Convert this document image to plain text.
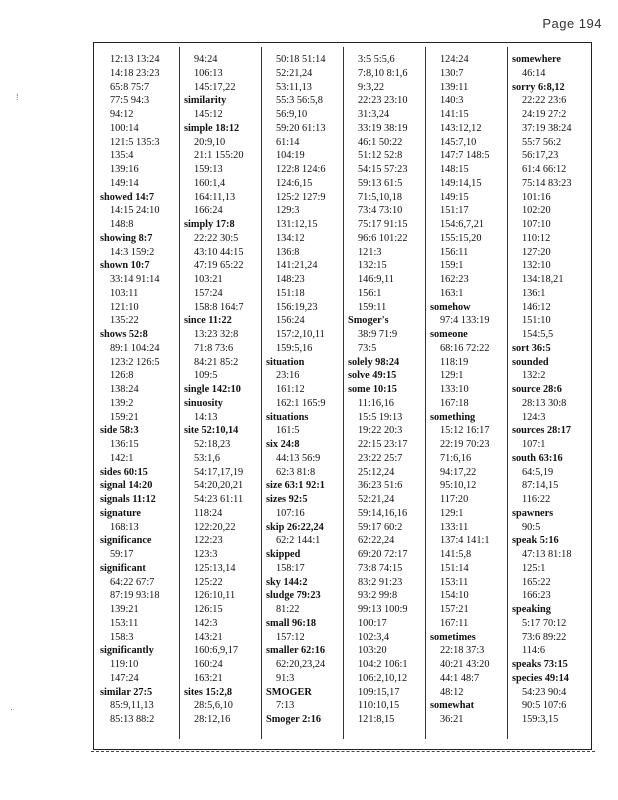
Page 194
⁞
·
12:13 13:24
14:18 23:23
65:8 75:7
77:5 94:3
94:12
100:14
121:5 135:3
135:4
139:16
149:14
showed 14:7
14:15 24:10
148:8
showing 8:7
14:3 159:2
shown 10:7
33:14 91:14
103:11
121:10
135:22
shows 52:8
89:1 104:24
123:2 126:5
126:8
138:24
139:2
159:21
side 58:3
136:15
142:1
sides 60:15
signal 14:20
signals 11:12
signature
168:13
significance
59:17
significant
64:22 67:7
87:19 93:18
139:21
153:11
158:3
significantly
119:10
147:24
similar 27:5
85:9,11,13
85:13 88:2
94:24
106:13
145:17,22
similarity
145:12
simple 18:12
20:9,10
21:1 155:20
159:13
160:1,4
164:11,13
166:24
simply 17:8
22:22 30:5
43:10 44:15
47:19 65:22
103:21
157:24
158:8 164:7
since 11:22
13:23 32:8
71:8 73:6
84:21 85:2
109:5
single 142:10
sinuosity
14:13
site 52:10,14
52:18,23
53:1,6
54:17,17,19
54:20,20,21
54:23 61:11
118:24
122:20,22
122:23
123:3
125:13,14
125:22
126:10,11
126:15
142:3
143:21
160:6,9,17
160:24
163:21
sites 15:2,8
28:5,6,10
28:12,16
50:18 51:14
52:21,24
53:11,13
55:3 56:5,8
56:9,10
59:20 61:13
61:14
104:19
122:8 124:6
124:6,15
125:2 127:9
129:3
131:12,15
134:12
136:8
141:21,24
148:23
151:18
156:19,23
156:24
157:2,10,11
159:5,16
situation
23:16
161:12
162:1 165:9
situations
161:5
six 24:8
44:13 56:9
62:3 81:8
size 63:1 92:1
sizes 92:5
107:16
skip 26:22,24
62:2 144:1
skipped
158:17
sky 144:2
sludge 79:23
81:22
small 96:18
157:12
smaller 62:16
62:20,23,24
91:3
SMOGER
7:13
Smoger 2:16
3:5 5:5,6
7:8,10 8:1,6
9:3,22
22:23 23:10
31:3,24
33:19 38:19
46:1 50:22
51:12 52:8
54:15 57:23
59:13 61:5
71:5,10,18
73:4 73:10
75:17 91:15
96:6 101:22
121:3
132:15
146:9,11
156:1
159:11
Smoger's
38:9 71:9
73:5
solely 98:24
solve 49:15
some 10:15
11:16,16
15:5 19:13
19:22 20:3
22:15 23:17
23:22 25:7
25:12,24
36:23 51:6
52:21,24
59:14,16,16
59:17 60:2
62:22,24
69:20 72:17
73:8 74:15
83:2 91:23
93:2 99:8
99:13 100:9
100:17
102:3,4
103:20
104:2 106:1
106:2,10,12
109:15,17
110:10,15
121:8,15
124:24
130:7
139:11
140:3
141:15
143:12,12
145:7,10
147:7 148:5
148:15
149:14,15
149:15
151:17
154:6,7,21
155:15,20
156:11
159:1
162:23
163:1
somehow
97:4 133:19
someone
68:16 72:22
118:19
129:1
133:10
167:18
something
15:12 16:17
22:19 70:23
71:6,16
94:17,22
95:10,12
117:20
129:1
133:11
137:4 141:1
141:5,8
151:14
153:11
154:10
157:21
167:11
sometimes
22:18 37:3
40:21 43:20
44:1 48:7
48:12
somewhat
36:21
somewhere
46:14
sorry 6:8,12
22:22 23:6
24:19 27:2
37:19 38:24
55:7 56:2
56:17,23
61:4 66:12
75:14 83:23
101:16
102:20
107:10
110:12
127:20
132:10
134:18,21
136:1
146:12
151:10
154:5,5
sort 36:5
sounded
132:2
source 28:6
28:13 30:8
124:3
sources 28:17
107:1
south 63:16
64:5,19
87:14,15
116:22
spawners
90:5
speak 5:16
47:13 81:18
125:1
165:22
166:23
speaking
5:17 70:12
73:6 89:22
114:6
speaks 73:15
species 49:14
54:23 90:4
90:5 107:6
159:3,15
